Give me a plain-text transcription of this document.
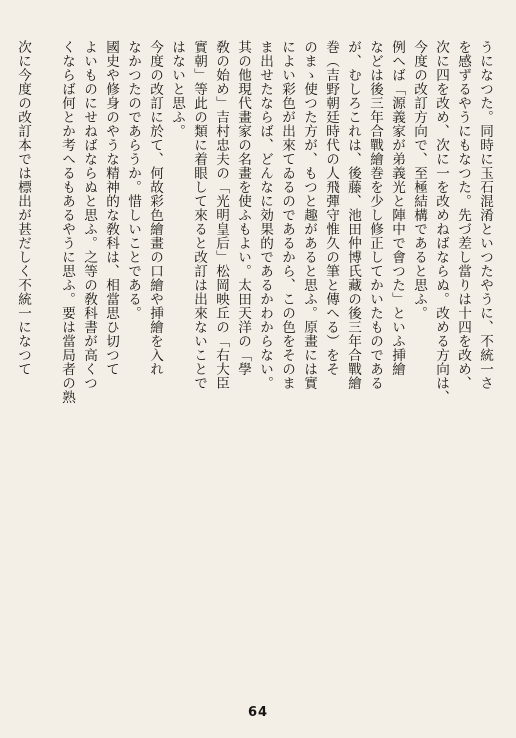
うになつた。同時に玉石混淆といつたやうに、不統一さ
を感ずるやうにもなつた。先づ差し當りは十四を改め、
次に四を改め、次に一を改めねばならぬ。改める方向は、
今度の改訂方向で、至極結構であると思ふ。
例へば「源義家が弟義光と陣中で會つた」といふ挿繪
などは後三年合戰繪巻を少し修正してかいたものである
が、むしろこれは、後藤、池田仲博氏藏の後三年合戰繪
巻（吉野朝廷時代の人飛彈守惟久の筆と傳へる）をそ
のまゝ使つた方が、もつと趣があると思ふ。原畫には實
によい彩色が出來てゐるのであるから、この色をそのま
ま出せたならば、どんなに効果的であるかわからない。
其の他現代畫家の名畫を使ふもよい。太田天洋の「學
敎の始め」吉村忠夫の「光明皇后」松岡映丘の「右大臣
實朝」等此の類に着眼して來ると改訂は出來ないことで
はないと思ふ。
今度の改訂に於て、何故彩色繪畫の口繪や挿繪を入れ
なかつたのであらうか。惜しいことである。
國史や修身のやうな精神的な敎科は、相當思ひ切つて
よいものにせねばならぬと思ふ。之等の敎科書が高くつ
くならば何とか考へるもあるやうに思ふ。要は當局者の熟
次に今度の改訂本では標出が甚だしく不統一になつて
64
